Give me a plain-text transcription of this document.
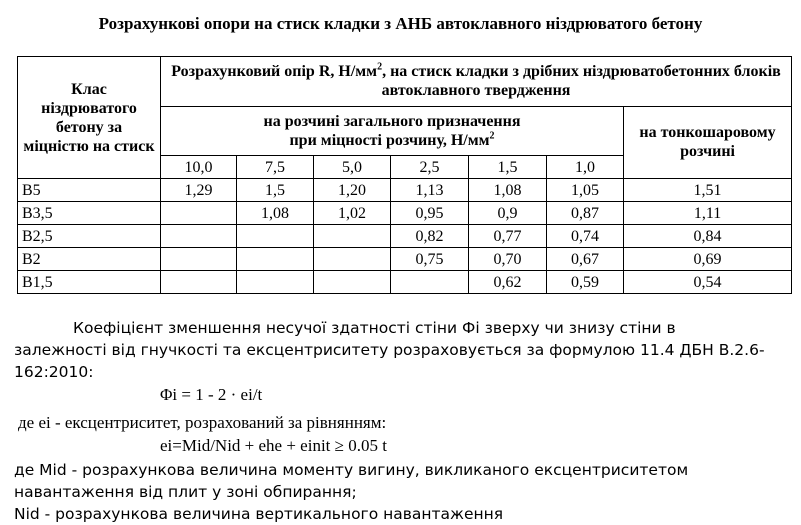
Розрахункові опори на стиск кладки з АНБ автоклавного ніздрюватого бетону
Клас ніздрюватого бетону за міцністю на стиск	Розрахунковий опір R, $Н/мм^2$, на стиск кладки з дрібних ніздрюватобетонних блоків автоклавного твердження						
	на розчині загального призначення
при міцності розчину, $Н/мм^2$						на тонкошаровому розчині
	10,0	7,5	5,0	2,5	1,5	1,0	
B5	1,29	1,5	1,20	1,13	1,08	1,05	1,51
B3,5		1,08	1,02	0,95	0,9	0,87	1,11
B2,5				0,82	0,77	0,74	0,84
B2				0,75	0,70	0,67	0,69
B1,5					0,62	0,59	0,54
Коефіцієнт зменшення несучої здатності стіни Фі зверху чи знизу стіни в
залежності від гнучкості та ексцентриситету розраховується за формулою 11.4 ДБН В.2.6-
162:2010:
Φi = 1 - 2 · ei/t
де ei - ексцентриситет, розрахований за рівнянням:
ei=Mid/Nid + ehe + einit ≥ 0.05 t
де Mid - розрахункова величина моменту вигину, викликаного ексцентриситетом
навантаження від плит у зоні обпирання;
Nid - розрахункова величина вертикального навантаження
